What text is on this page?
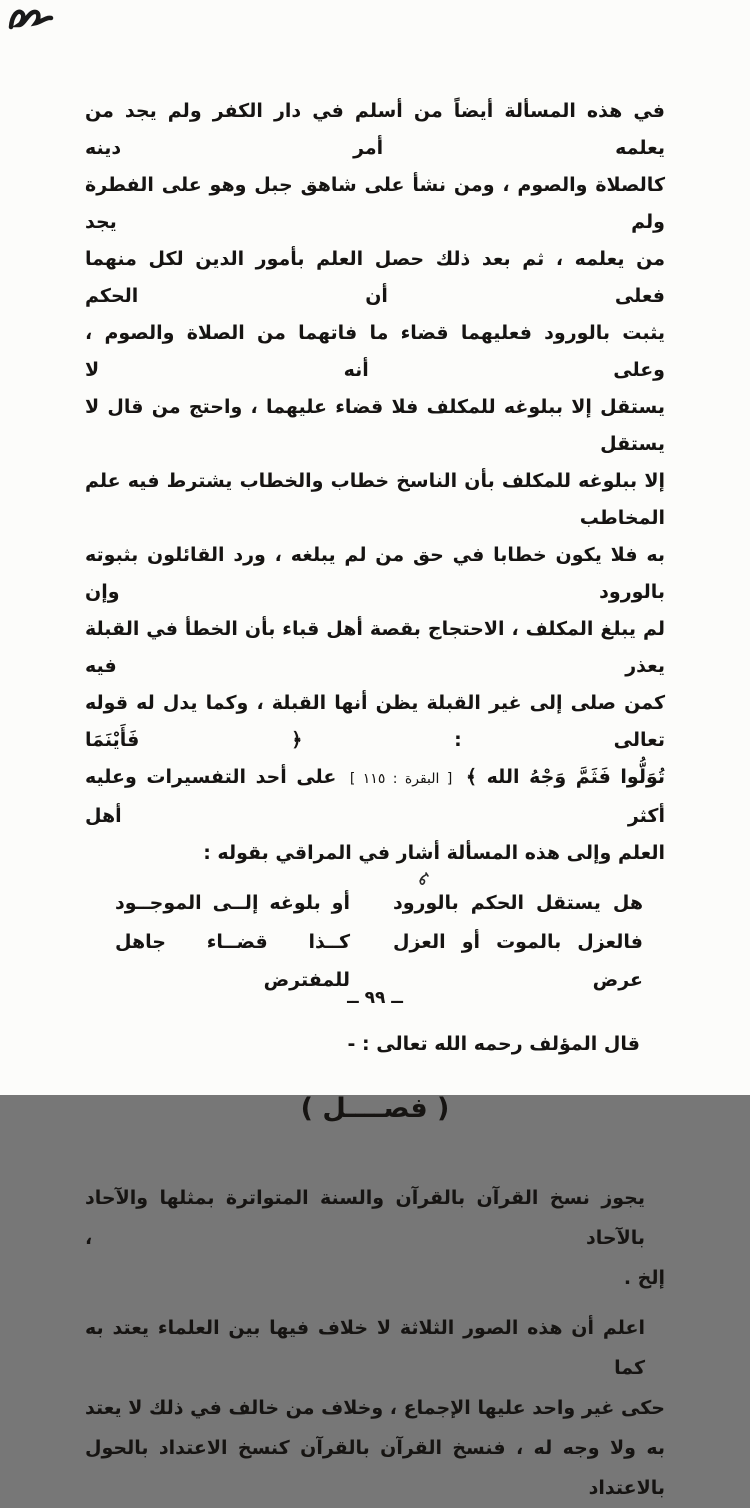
في هذه المسألة أيضاً من أسلم في دار الكفر ولم يجد من يعلمه أمر دينه
كالصلاة والصوم ، ومن نشأ على شاهق جبل وهو على الفطرة ولم يجد
من يعلمه ، ثم بعد ذلك حصل العلم بأمور الدين لكل منهما فعلى أن الحكم
يثبت بالورود فعليهما قضاء ما فاتهما من الصلاة والصوم ، وعلى أنه لا
يستقل إلا ببلوغه للمكلف فلا قضاء عليهما ، واحتج من قال لا يستقل
إلا ببلوغه للمكلف بأن الناسخ خطاب والخطاب يشترط فيه علم المخاطب
به فلا يكون خطابا في حق من لم يبلغه ، ورد القائلون بثبوته بالورود وإن
لم يبلغ المكلف ، الاحتجاج بقصة أهل قباء بأن الخطأ في القبلة يعذر فيه
كمن صلى إلى غير القبلة يظن أنها القبلة ، وكما يدل له قوله تعالى : ﴿ فَأَيْنَمَا
تُوَلُّوا فَثَمَّ وَجْهُ الله ﴾ [ البقرة : ١١٥ ] على أحد التفسيرات وعليه أكثر أهل
العلم وإلى هذه المسألة أشار في المراقي بقوله :
هل يستقل الحكم بالورود
أو بلوغه إلــى الموجــود
فالعزل بالموت أو العزل عرض
كــذا قضــاء جاهل للمفترض
قال المؤلف رحمه الله تعالى : -
( فصــــل )
يجوز نسخ القرآن بالقرآن والسنة المتواترة بمثلها والآحاد بالآحاد ،
إلخ .
اعلم أن هذه الصور الثلاثة لا خلاف فيها بين العلماء يعتد به كما
حكى غير واحد عليها الإجماع ، وخلاف من خالف في ذلك لا يعتد
به ولا وجه له ، فنسخ القرآن بالقرآن كنسخ الاعتداد بالحول بالاعتداد
ــ ٩٩ ــ
